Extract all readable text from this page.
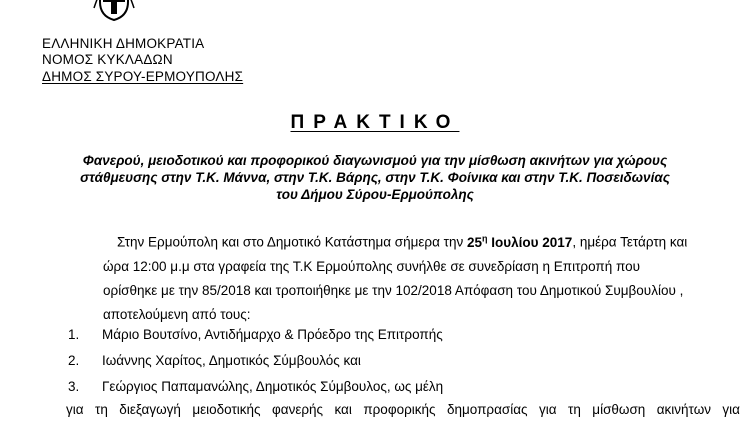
ΕΛΛΗΝΙΚΗ ΔΗΜΟΚΡΑΤΙΑ
ΝΟΜΟΣ ΚΥΚΛΑΔΩΝ
ΔΗΜΟΣ ΣΥΡΟΥ-ΕΡΜΟΥΠΟΛΗΣ
ΠΡΑΚΤΙΚΟ
Φανερού, μειοδοτικού και προφορικού διαγωνισμού για την μίσθωση ακινήτων για χώρους
στάθμευσης στην Τ.Κ. Μάννα, στην Τ.Κ. Βάρης, στην Τ.Κ. Φοίνικα και στην Τ.Κ. Ποσειδωνίας
του Δήμου Σύρου-Ερμούπολης
Στην Ερμούπολη και στο Δημοτικό Κατάστημα σήμερα την $25^\eta$ Ιουλίου 2017, ημέρα Τετάρτη και
ώρα 12:00 μ.μ στα γραφεία της Τ.Κ Ερμούπολης συνήλθε σε συνεδρίαση η Επιτροπή που
ορίσθηκε με την 85/2018 και τροποιήθηκε με την 102/2018 Απόφαση του Δημοτικού Συμβουλίου ,
αποτελούμενη από τους:
1.	Μάριο Βουτσίνο, Αντιδήμαρχο & Πρόεδρο της Επιτροπής
2.	Ιωάννης Χαρίτος, Δημοτικός Σύμβουλός και
3.	Γεώργιος Παπαμανώλης, Δημοτικός Σύμβουλος, ως μέλη
για τη διεξαγωγή μειοδοτικής φανερής και προφορικής δημοπρασίας για τη μίσθωση ακινήτων για
